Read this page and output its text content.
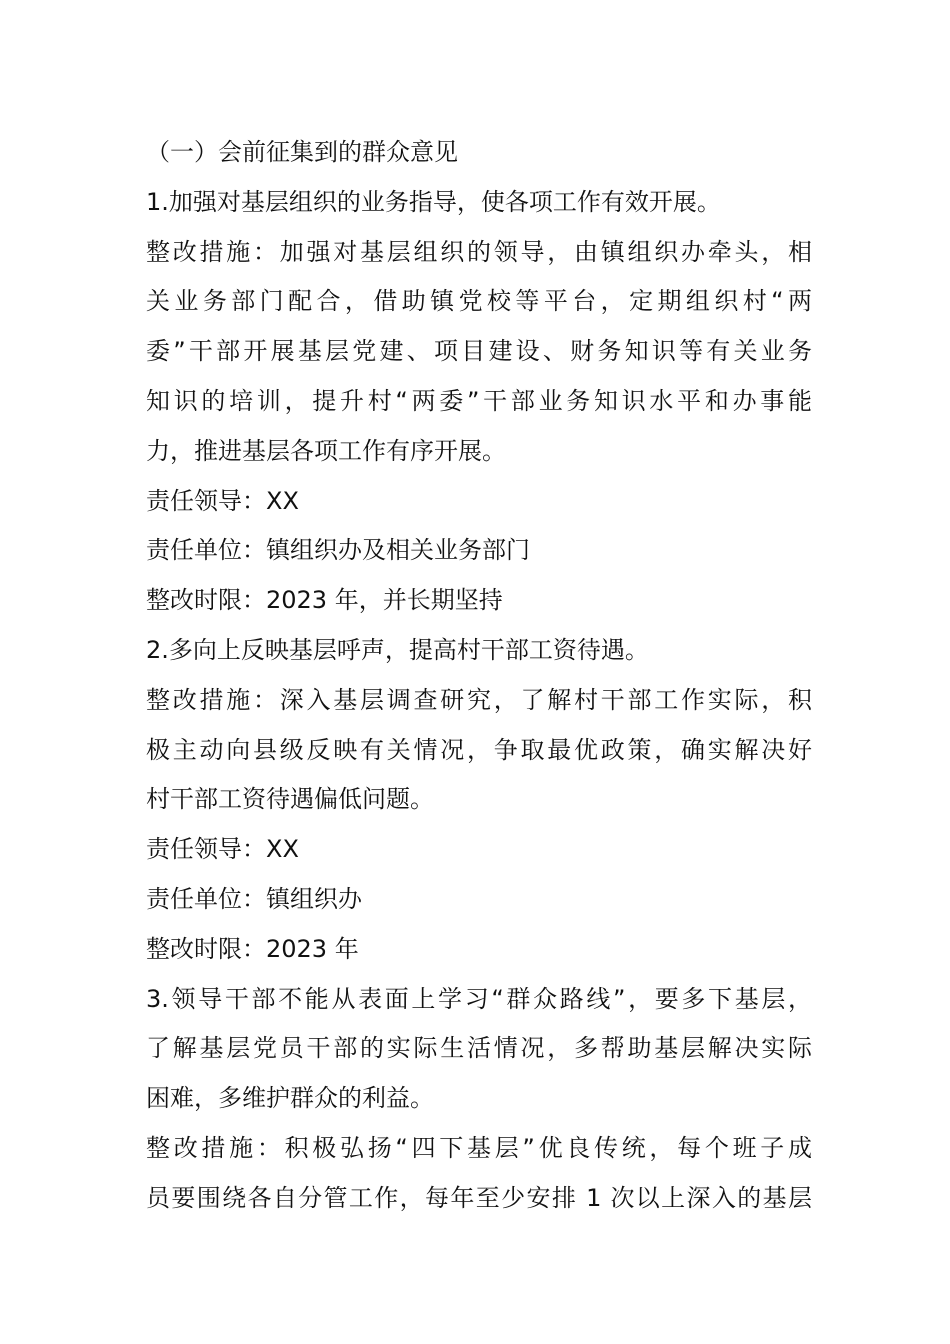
（一）会前征集到的群众意见
1.加强对基层组织的业务指导，使各项工作有效开展。
整改措施：加强对基层组织的领导，由镇组织办牵头，相
关业务部门配合，借助镇党校等平台，定期组织村“两
委”干部开展基层党建、项目建设、财务知识等有关业务
知识的培训，提升村“两委”干部业务知识水平和办事能
力，推进基层各项工作有序开展。
责任领导：XX
责任单位：镇组织办及相关业务部门
整改时限：2023 年，并长期坚持
2.多向上反映基层呼声，提高村干部工资待遇。
整改措施：深入基层调查研究，了解村干部工作实际，积
极主动向县级反映有关情况，争取最优政策，确实解决好
村干部工资待遇偏低问题。
责任领导：XX
责任单位：镇组织办
整改时限：2023 年
3.领导干部不能从表面上学习“群众路线”，要多下基层，
了解基层党员干部的实际生活情况，多帮助基层解决实际
困难，多维护群众的利益。
整改措施：积极弘扬“四下基层”优良传统，每个班子成
员要围绕各自分管工作，每年至少安排 1 次以上深入的基层
